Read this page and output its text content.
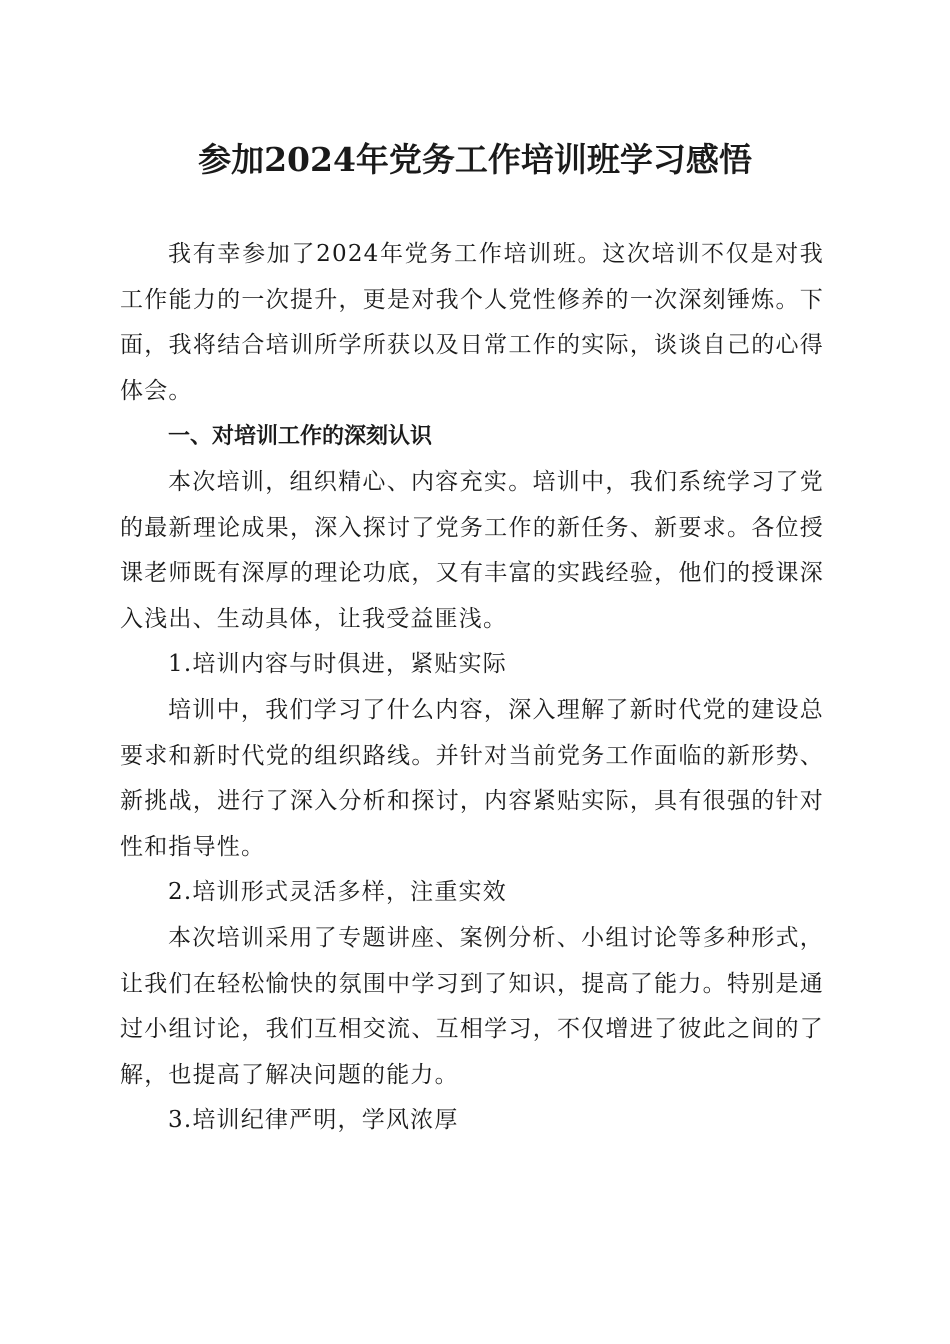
参加2024年党务工作培训班学习感悟

我有幸参加了2024年党务工作培训班。这次培训不仅是对我工作能力的一次提升，更是对我个人党性修养的一次深刻锤炼。下面，我将结合培训所学所获以及日常工作的实际，谈谈自己的心得体会。

一、对培训工作的深刻认识

本次培训，组织精心、内容充实。培训中，我们系统学习了党的最新理论成果，深入探讨了党务工作的新任务、新要求。各位授课老师既有深厚的理论功底，又有丰富的实践经验，他们的授课深入浅出、生动具体，让我受益匪浅。

1.培训内容与时俱进，紧贴实际

培训中，我们学习了什么内容，深入理解了新时代党的建设总要求和新时代党的组织路线。并针对当前党务工作面临的新形势、新挑战，进行了深入分析和探讨，内容紧贴实际，具有很强的针对性和指导性。

2.培训形式灵活多样，注重实效

本次培训采用了专题讲座、案例分析、小组讨论等多种形式，让我们在轻松愉快的氛围中学习到了知识，提高了能力。特别是通过小组讨论，我们互相交流、互相学习，不仅增进了彼此之间的了解，也提高了解决问题的能力。

3.培训纪律严明，学风浓厚
